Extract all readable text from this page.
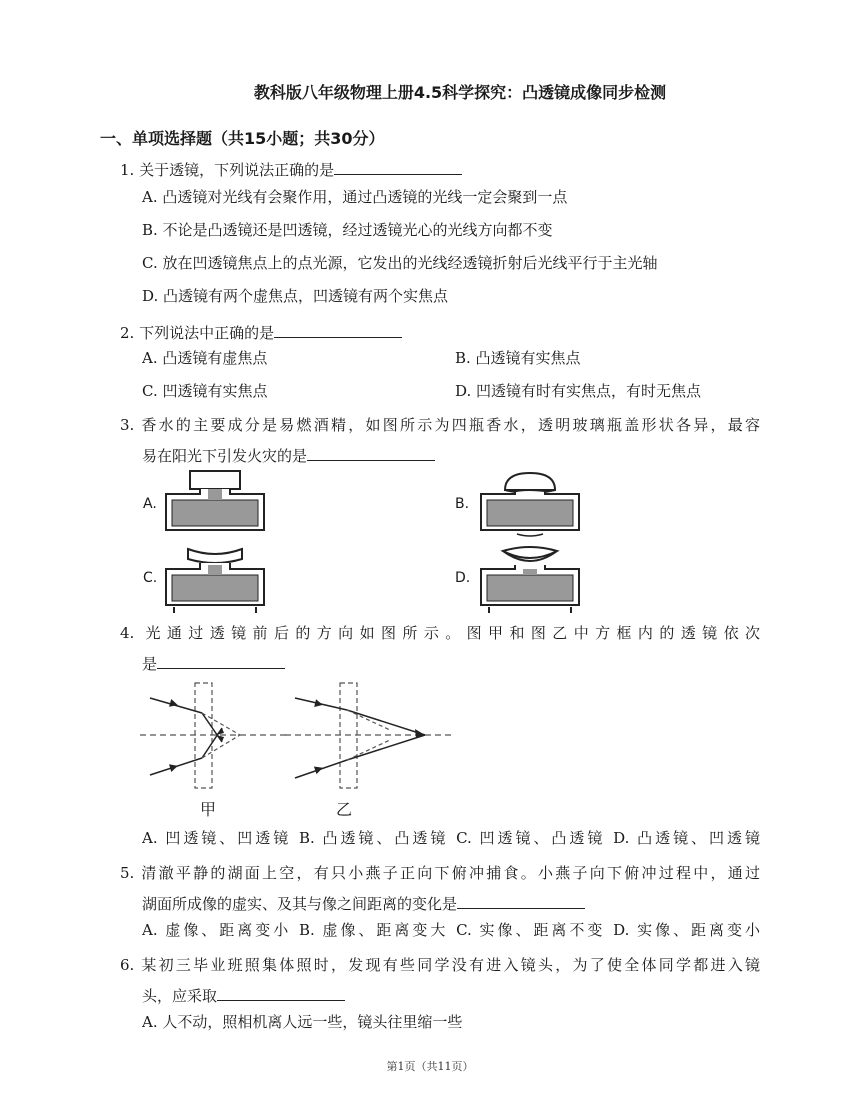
教科版八年级物理上册4.5科学探究：凸透镜成像同步检测
一、单项选择题（共15小题；共30分）
1. 关于透镜，下列说法正确的是
A. 凸透镜对光线有会聚作用，通过凸透镜的光线一定会聚到一点
B. 不论是凸透镜还是凹透镜，经过透镜光心的光线方向都不变
C. 放在凹透镜焦点上的点光源，它发出的光线经透镜折射后光线平行于主光轴
D. 凸透镜有两个虚焦点，凹透镜有两个实焦点
2. 下列说法中正确的是
A. 凸透镜有虚焦点	B. 凸透镜有实焦点
C. 凹透镜有实焦点	D. 凹透镜有时有实焦点，有时无焦点
3. 香水的主要成分是易燃酒精，如图所示为四瓶香水，透明玻璃瓶盖形状各异，最容
易在阳光下引发火灾的是
A.	B.
C.	D.
4. 光通过透镜前后的方向如图所示。图甲和图乙中方框内的透镜依次
是
甲	乙
A. 凹透镜、凹透镜 B. 凸透镜、凸透镜 C. 凹透镜、凸透镜 D. 凸透镜、凹透镜
5. 清澈平静的湖面上空，有只小燕子正向下俯冲捕食。小燕子向下俯冲过程中，通过
湖面所成像的虚实、及其与像之间距离的变化是
A. 虚像、距离变小 B. 虚像、距离变大 C. 实像、距离不变 D. 实像、距离变小
6. 某初三毕业班照集体照时，发现有些同学没有进入镜头，为了使全体同学都进入镜
头，应采取
A. 人不动，照相机离人远一些，镜头往里缩一些
第1页（共11页）
